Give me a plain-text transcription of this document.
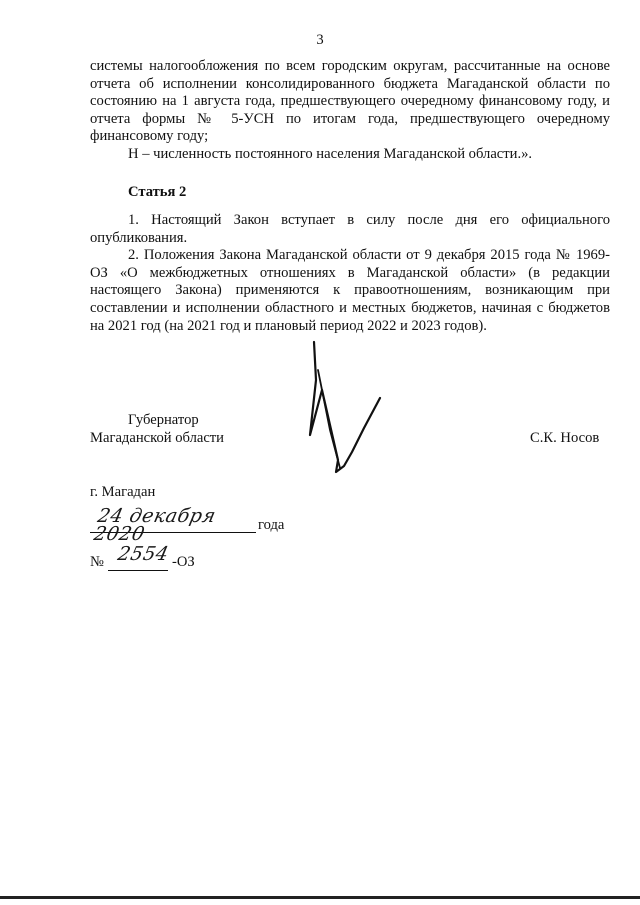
3

системы налогообложения по всем городским округам, рассчитанные на основе отчета об исполнении консолидированного бюджета Магаданской области по состоянию на 1 августа года, предшествующего очередному финансовому году, и отчета формы № 5-УСН по итогам года, предшествующего очередному финансовому году;

Н – численность постоянного населения Магаданской области.».

Статья 2

1. Настоящий Закон вступает в силу после дня его официального опубликования.

2. Положения Закона Магаданской области от 9 декабря 2015 года № 1969-ОЗ «О межбюджетных отношениях в Магаданской области» (в редакции настоящего Закона) применяются к правоотношениям, возникающим при составлении и исполнении областного и местных бюджетов, начиная с бюджетов на 2021 год (на 2021 год и плановый период 2022 и 2023 годов).

Губернатор
Магаданской области	С.К. Носов
г. Магадан
24 декабря 2020	года
№ 2554 -ОЗ
